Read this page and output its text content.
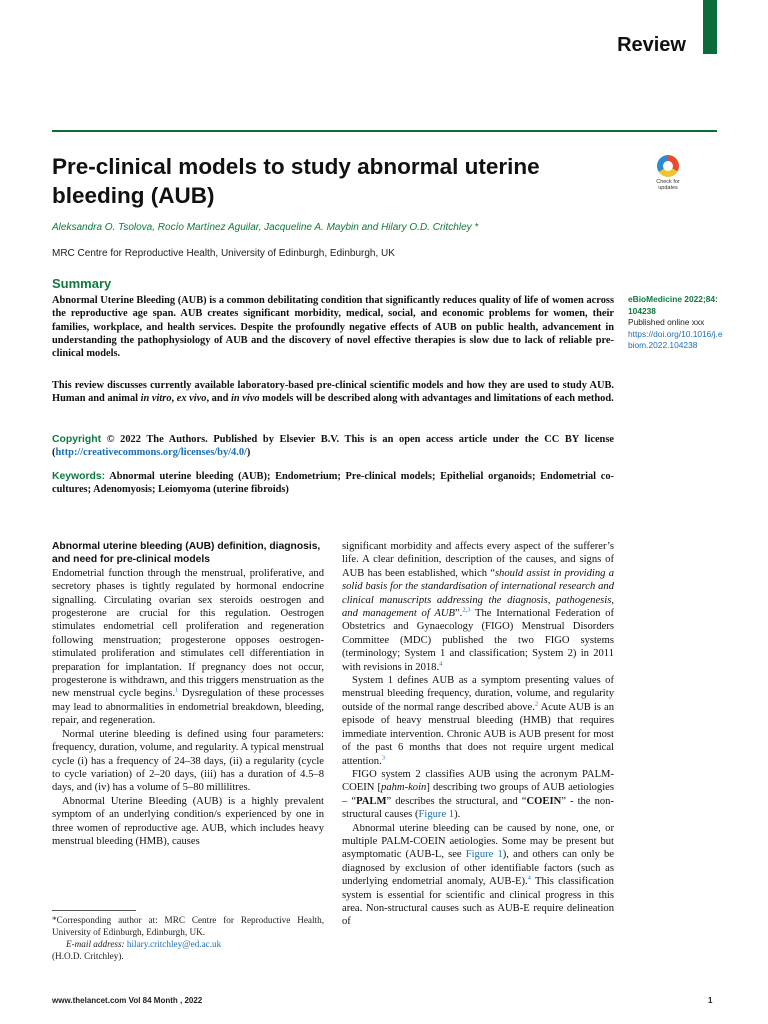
Review
Pre-clinical models to study abnormal uterine bleeding (AUB)
Check for
updates
Aleksandra O. Tsolova, Rocío Martínez Aguilar, Jacqueline A. Maybin and Hilary O.D. Critchley *
MRC Centre for Reproductive Health, University of Edinburgh, Edinburgh, UK
Summary
Abnormal Uterine Bleeding (AUB) is a common debilitating condition that significantly reduces quality of life of women across the reproductive age span. AUB creates significant morbidity, medical, social, and economic problems for women, their families, workplace, and health services. Despite the profoundly negative effects of AUB on public health, advancement in understanding the pathophysiology of AUB and the discovery of novel effective therapies is slow due to lack of reliable pre-clinical models.
This review discusses currently available laboratory-based pre-clinical scientific models and how they are used to study AUB. Human and animal in vitro, ex vivo, and in vivo models will be described along with advantages and limitations of each method.
Copyright © 2022 The Authors. Published by Elsevier B.V. This is an open access article under the CC BY license (http://creativecommons.org/licenses/by/4.0/)
Keywords: Abnormal uterine bleeding (AUB); Endometrium; Pre-clinical models; Epithelial organoids; Endometrial co-cultures; Adenomyosis; Leiomyoma (uterine fibroids)
eBioMedicine 2022;84: 104238
Published online xxx
https://doi.org/10.1016/j.ebiom.2022.104238
Abnormal uterine bleeding (AUB) definition, diagnosis, and need for pre-clinical models

Endometrial function through the menstrual, proliferative, and secretory phases is tightly regulated by hormonal endocrine signalling. Circulating ovarian sex steroids oestrogen and progesterone are crucial for this regulation. Oestrogen stimulates endometrial cell proliferation and regeneration following menstruation; progesterone opposes oestrogen-stimulated proliferation and stimulates cell differentiation in preparation for implantation. If pregnancy does not occur, progesterone is withdrawn, and this triggers menstruation as the new menstrual cycle begins.$^1$ Dysregulation of these processes may lead to abnormalities in endometrial breakdown, bleeding, repair, and regeneration.

Normal uterine bleeding is defined using four parameters: frequency, duration, volume, and regularity. A typical menstrual cycle (i) has a frequency of 24–38 days, (ii) a regularity (cycle to cycle variation) of 2–20 days, (iii) has a duration of 4.5–8 days, and (iv) has a volume of 5–80 millilitres.

Abnormal Uterine Bleeding (AUB) is a highly prevalent symptom of an underlying condition/s experienced by one in three women of reproductive age. AUB, which includes heavy menstrual bleeding (HMB), causes

significant morbidity and affects every aspect of the sufferer’s life. A clear definition, description of the causes, and signs of AUB has been established, which “should assist in providing a solid basis for the standardisation of international research and clinical manuscripts addressing the diagnosis, pathogenesis, and management of AUB”.$^{2,3}$ The International Federation of Obstetrics and Gynaecology (FIGO) Menstrual Disorders Committee (MDC) published the two FIGO systems (terminology; System 1 and classification; System 2) in 2011 with revisions in 2018.$^4$

System 1 defines AUB as a symptom presenting values of menstrual bleeding frequency, duration, volume, and regularity outside of the normal range described above.$^2$ Acute AUB is an episode of heavy menstrual bleeding (HMB) that requires immediate intervention. Chronic AUB is AUB present for most of the past 6 months that does not require urgent medical attention.$^3$

FIGO system 2 classifies AUB using the acronym PALM-COEIN [pahm-koin] describing two groups of AUB aetiologies – “PALM” describes the structural, and “COEIN” - the non-structural causes (Figure 1).

Abnormal uterine bleeding can be caused by none, one, or multiple PALM-COEIN aetiologies. Some may be present but asymptomatic (AUB-L, see Figure 1), and others can only be diagnosed by exclusion of other identifiable factors (such as underlying endometrial anomaly, AUB-E).$^4$ This classification system is essential for scientific and clinical progress in this area. Non-structural causes such as AUB-E require delineation of

*Corresponding author at: MRC Centre for Reproductive Health, University of Edinburgh, Edinburgh, UK.
E-mail address: hilary.critchley@ed.ac.uk
(H.O.D. Critchley).
www.thelancet.com Vol 84 Month , 2022	1
